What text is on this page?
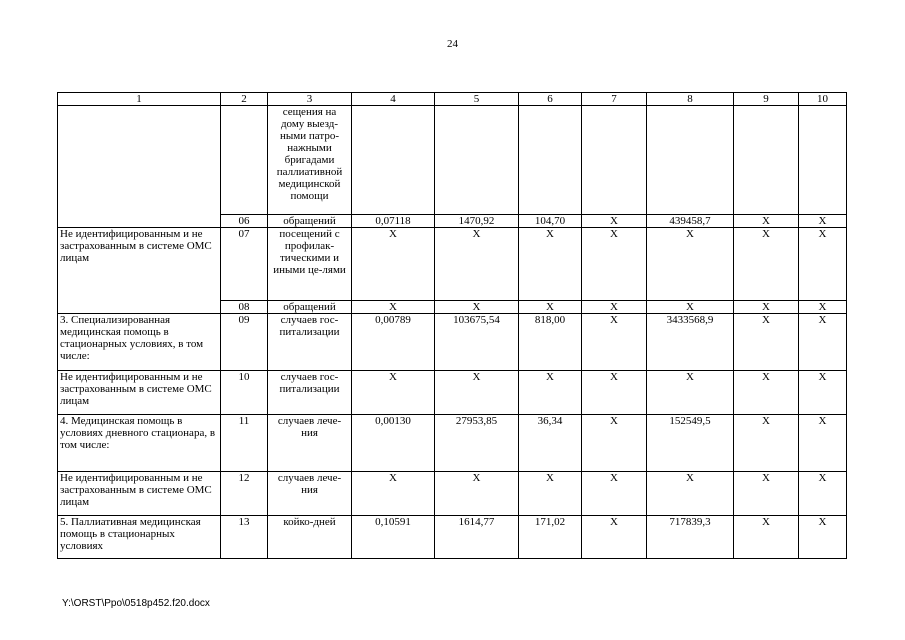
24
1	2	3	4	5	6	7	8	9	10
		сещения на дому выезд-ными патро-нажными бригадами паллиативной медицинской помощи							
	06	обращений	0,07118	1470,92	104,70	Х	439458,7	Х	Х
Не идентифицированным и не застрахованным в системе ОМС лицам	07	посещений с профилак-тическими и иными це-лями	Х	Х	Х	Х	Х	Х	Х
	08	обращений	Х	Х	Х	Х	Х	Х	Х
3. Специализированная медицинская помощь в стационарных условиях, в том числе:	09	случаев гос-питализации	0,00789	103675,54	818,00	Х	3433568,9	Х	Х
Не идентифицированным и не застрахованным в системе ОМС лицам	10	случаев гос-питализации	Х	Х	Х	Х	Х	Х	Х
4. Медицинская помощь в условиях дневного стационара, в том числе:	11	случаев лече-ния	0,00130	27953,85	36,34	Х	152549,5	Х	Х
Не идентифицированным и не застрахованным в системе ОМС лицам	12	случаев лече-ния	Х	Х	Х	Х	Х	Х	Х
5. Паллиативная медицинская помощь в стационарных условиях	13	койко-дней	0,10591	1614,77	171,02	Х	717839,3	Х	Х
Y:\ORST\Ppo\0518p452.f20.docx
